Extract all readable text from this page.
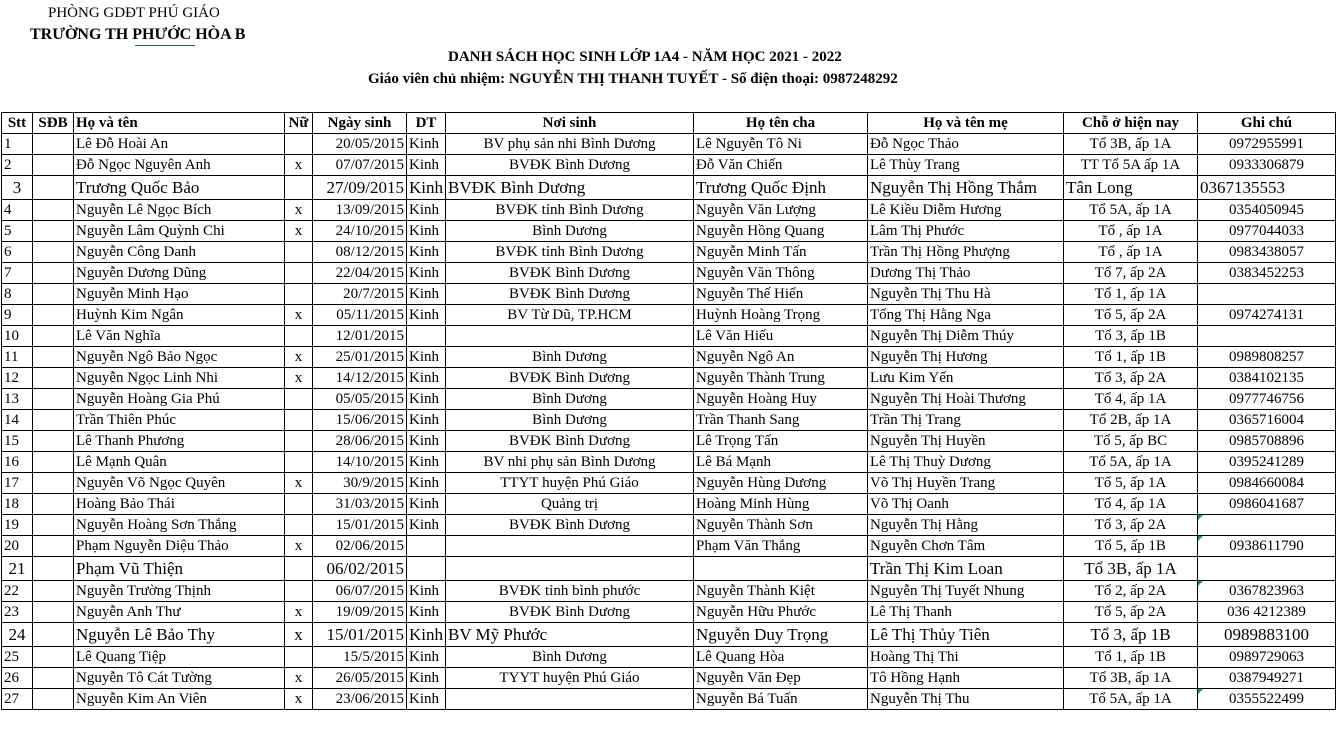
PHÒNG GDĐT PHÚ GIÁO
TRƯỜNG TH PHƯỚC HÒA B
DANH SÁCH HỌC SINH LỚP 1A4 - NĂM HỌC 2021 - 2022
Giáo viên chủ nhiệm: NGUYỄN THỊ THANH TUYẾT - Số điện thoại: 0987248292
Stt	SĐB	Họ và tên	Nữ	Ngày sinh	DT	Nơi sinh	Họ tên cha	Họ và tên mẹ	Chỗ ở hiện nay	Ghi chú
1		Lê Đỗ Hoài An		20/05/2015	Kinh	BV phụ sản nhi Bình Dương	Lê Nguyễn Tô Ni	Đỗ Ngọc Thảo	Tổ 3B, ấp 1A	0972955991
2		Đỗ Ngọc Nguyên Anh	x	07/07/2015	Kinh	BVĐK Bình Dương	Đỗ Văn Chiến	Lê Thùy Trang	TT Tổ 5A ấp 1A	0933306879
3		Trương Quốc Bảo		27/09/2015	Kinh	BVĐK Bình Dương	Trương Quốc Định	Nguyễn Thị Hồng Thắm	Tân Long	0367135553
4		Nguyễn Lê Ngọc Bích	x	13/09/2015	Kinh	BVĐK tỉnh Bình Dương	Nguyễn Văn Lượng	Lê Kiều Diễm Hương	Tổ 5A, ấp 1A	0354050945
5		Nguyễn Lâm Quỳnh Chi	x	24/10/2015	Kinh	Bình Dương	Nguyễn Hồng Quang	Lâm Thị Phước	Tổ , ấp 1A	0977044033
6		Nguyễn Công Danh		08/12/2015	Kinh	BVĐK tỉnh Bình Dương	Nguyễn Minh Tấn	Trần Thị Hồng Phượng	Tổ , ấp 1A	0983438057
7		Nguyễn Dương Dũng		22/04/2015	Kinh	BVĐK Bình Dương	Nguyễn Văn Thông	Dương Thị Thảo	Tổ 7, ấp 2A	0383452253
8		Nguyễn Minh Hạo		20/7/2015	Kinh	BVĐK Bình Dương	Nguyễn Thế Hiển	Nguyễn Thị Thu Hà	Tổ 1, ấp 1A	
9		Huỳnh Kim Ngân	x	05/11/2015	Kinh	BV Từ Dũ, TP.HCM	Huỳnh Hoàng Trọng	Tống Thị Hằng Nga	Tổ 5, ấp 2A	0974274131
10		Lê Văn Nghĩa		12/01/2015			Lê Văn Hiếu	Nguyễn Thị Diễm Thúy	Tổ 3, ấp 1B	
11		Nguyễn Ngô Bảo Ngọc	x	25/01/2015	Kinh	Bình Dương	Nguyễn Ngô An	Nguyễn Thị Hương	Tổ 1, ấp 1B	0989808257
12		Nguyễn Ngọc Linh Nhi	x	14/12/2015	Kinh	BVĐK Bình Dương	Nguyễn Thành Trung	Lưu Kim Yến	Tổ 3, ấp 2A	0384102135
13		Nguyễn Hoàng Gia Phú		05/05/2015	Kinh	Bình Dương	Nguyễn Hoàng Huy	Nguyễn Thị Hoài Thương	Tổ 4, ấp 1A	0977746756
14		Trần Thiên Phúc		15/06/2015	Kinh	Bình Dương	Trần Thanh Sang	Trần Thị Trang	Tổ 2B, ấp 1A	0365716004
15		Lê Thanh Phương		28/06/2015	Kinh	BVĐK Bình Dương	Lê Trọng Tấn	Nguyễn Thị Huyền	Tổ 5, ấp BC	0985708896
16		Lê Mạnh Quân		14/10/2015	Kinh	BV nhi phụ sản Bình Dương	Lê Bá Mạnh	Lê Thị Thuỳ Dương	Tổ 5A, ấp 1A	0395241289
17		Nguyễn Võ Ngọc Quyên	x	30/9/2015	Kinh	TTYT huyện Phú Giáo	Nguyễn Hùng Dương	Võ Thị Huyền Trang	Tổ 5, ấp 1A	0984660084
18		Hoàng Bảo Thái		31/03/2015	Kinh	Quảng trị	Hoàng Minh Hùng	Võ Thị Oanh	Tổ 4, ấp 1A	0986041687
19		Nguyễn Hoàng Sơn Thắng		15/01/2015	Kinh	BVĐK Bình Dương	Nguyễn Thành Sơn	Nguyễn Thị Hằng	Tổ 3, ấp 2A	
20		Phạm Nguyễn Diệu Thảo	x	02/06/2015			Phạm Văn Thắng	Nguyễn Chơn Tâm	Tổ 5, ấp 1B	0938611790
21		Phạm Vũ Thiện		06/02/2015				Trần Thị Kim Loan	Tổ 3B, ấp 1A	
22		Nguyễn Trường Thịnh		06/07/2015	Kinh	BVĐK tỉnh bình phước	Nguyễn Thành Kiệt	Nguyễn Thị Tuyết Nhung	Tổ 2, ấp 2A	0367823963
23		Nguyễn Anh Thư	x	19/09/2015	Kinh	BVĐK Bình Dương	Nguyễn Hữu Phước	Lê Thị Thanh	Tổ 5, ấp 2A	036 4212389
24		Nguyễn Lê Bảo Thy	x	15/01/2015	Kinh	BV Mỹ Phước	Nguyễn Duy Trọng	Lê Thị Thủy Tiên	Tổ 3, ấp 1B	0989883100
25		Lê Quang Tiệp		15/5/2015	Kinh	Bình Dương	Lê Quang Hòa	Hoàng Thị Thi	Tổ 1, ấp 1B	0989729063
26		Nguyễn Tô Cát Tường	x	26/05/2015	Kinh	TYYT huyện Phú Giáo	Nguyễn Văn Đẹp	Tô Hồng Hạnh	Tổ 3B, ấp 1A	0387949271
27		Nguyễn Kim An Viên	x	23/06/2015	Kinh		Nguyễn Bá Tuấn	Nguyễn Thị Thu	Tổ 5A, ấp 1A	0355522499
